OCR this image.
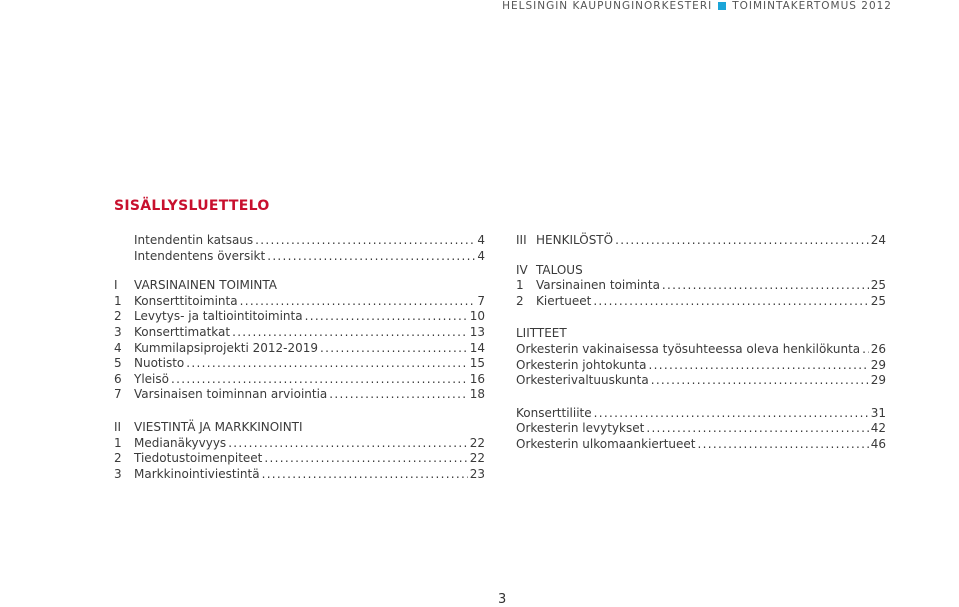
HELSINGIN KAUPUNGINORKESTERI TOIMINTAKERTOMUS 2012
SISÄLLYSLUETTELO
Intendentin katsaus .....	4
Intendentens översikt .....	4
I	VARSINAINEN TOIMINTA
1	Konserttitoiminta .....	7
2	Levytys- ja taltiointitoiminta .....	10
3	Konserttimatkat .....	13
4	Kummilapsiprojekti 2012-2019 .....	14
5	Nuotisto .....	15
6	Yleisö .....	16
7	Varsinaisen toiminnan arviointia .....	18
II	VIESTINTÄ JA MARKKINOINTI
1	Medianäkyvyys .....	22
2	Tiedotustoimenpiteet .....	22
3	Markkinointiviestintä .....	23
III HENKILÖSTÖ .....	24
IV TALOUS
1	Varsinainen toiminta .....	25
2	Kiertueet .....	25
LIITTEET
Orkesterin vakinaisessa työsuhteessa oleva henkilökunta ..... 26
Orkesterin johtokunta .....	29
Orkesterivaltuuskunta .....	29
Konserttiliite .....	31
Orkesterin levytykset .....	42
Orkesterin ulkomaankiertueet .....	46
3
